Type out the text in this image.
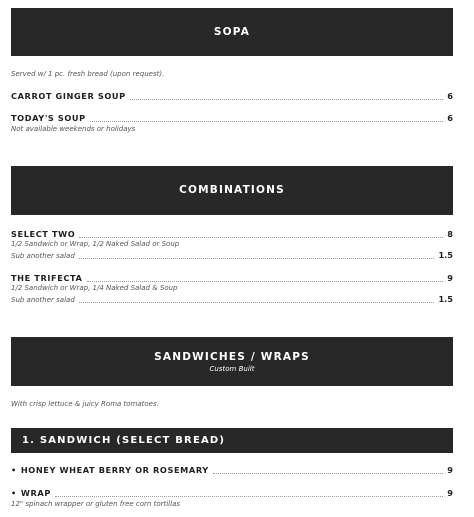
SOPA
Served w/ 1 pc. fresh bread (upon request).
CARROT GINGER SOUP	6
TODAY'S SOUP	6
Not available weekends or holidays
COMBINATIONS
SELECT TWO	8
1/2 Sandwich or Wrap, 1/2 Naked Salad or Soup
Sub another salad	1.5
THE TRIFECTA	9
1/2 Sandwich or Wrap, 1/4 Naked Salad & Soup
Sub another salad	1.5
SANDWICHES / WRAPS
Custom Built
With crisp lettuce & juicy Roma tomatoes.
1. SANDWICH (SELECT BREAD)
• HONEY WHEAT BERRY OR ROSEMARY	9
• WRAP	9
12" spinach wrapper or gluten free corn tortillas
